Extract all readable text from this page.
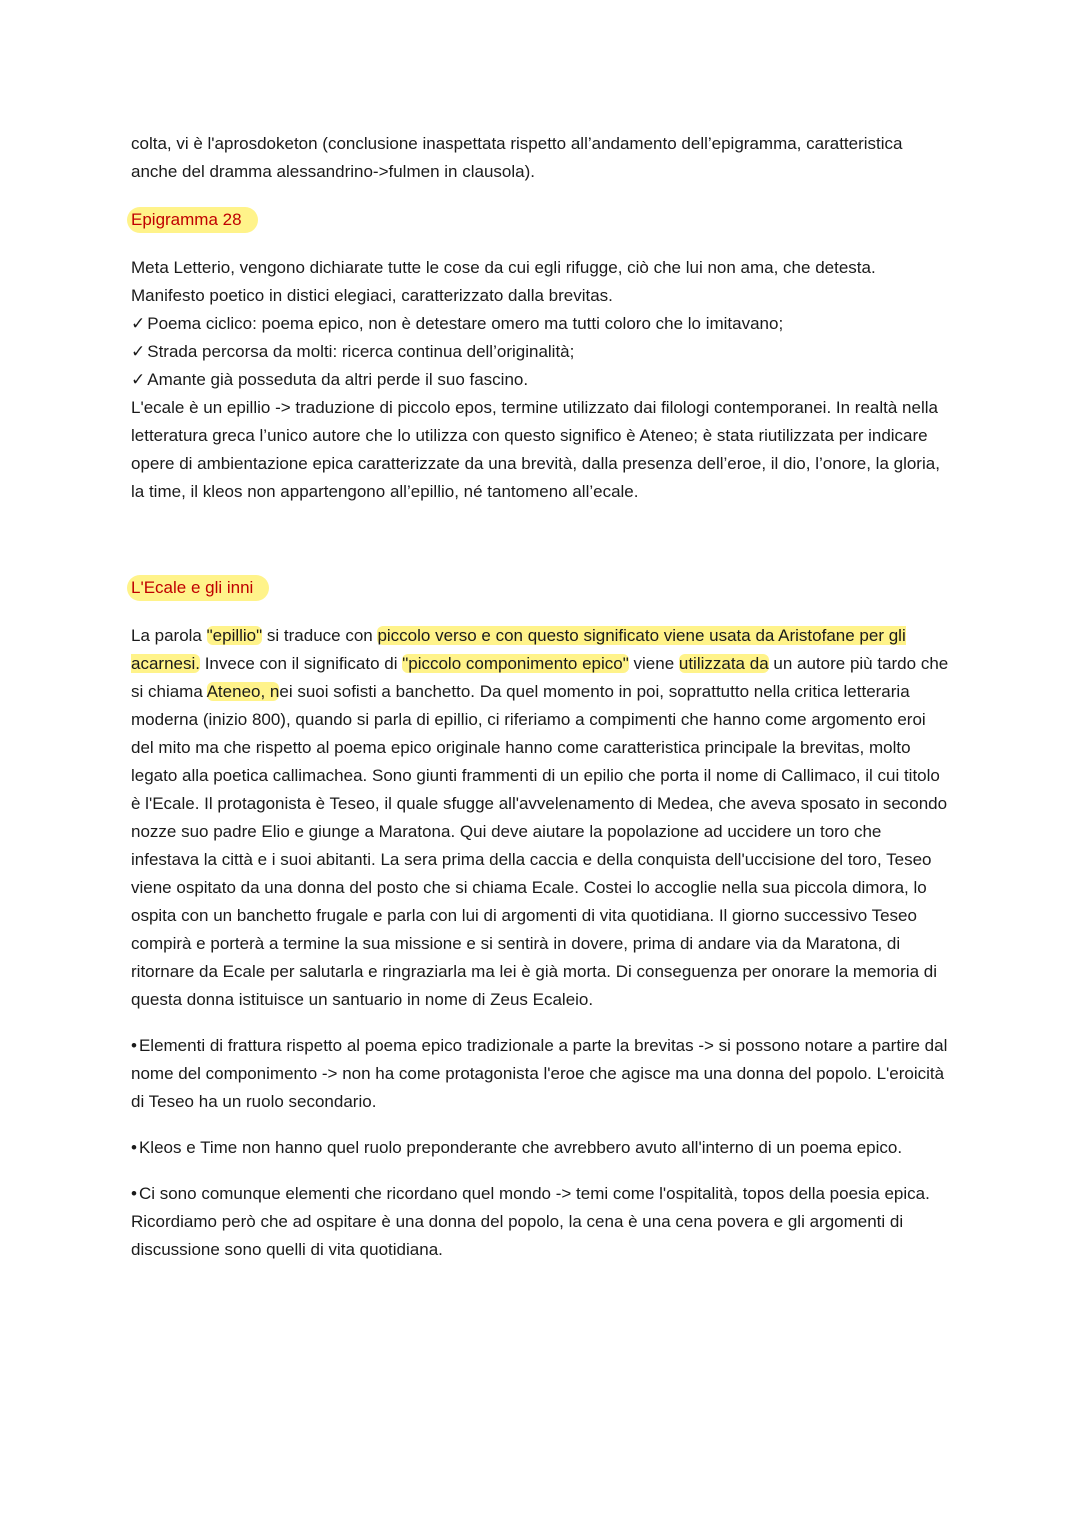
colta, vi è l'aprosdoketon (conclusione inaspettata rispetto all’andamento dell’epigramma, caratteristica anche del dramma alessandrino->fulmen in clausola).

Epigramma 28

Meta Letterio, vengono dichiarate tutte le cose da cui egli rifugge, ciò che lui non ama, che detesta. Manifesto poetico in distici elegiaci, caratterizzato dalla brevitas.

✓ Poema ciclico: poema epico, non è detestare omero ma tutti coloro che lo imitavano;

✓ Strada percorsa da molti: ricerca continua dell’originalità;

✓ Amante già posseduta da altri perde il suo fascino.

L'ecale è un epillio -> traduzione di piccolo epos, termine utilizzato dai filologi contemporanei. In realtà nella letteratura greca l’unico autore che lo utilizza con questo significo è Ateneo; è stata riutilizzata per indicare opere di ambientazione epica caratterizzate da una brevità, dalla presenza dell’eroe, il dio, l’onore, la gloria, la time, il kleos non appartengono all’epillio, né tantomeno all’ecale.

L'Ecale e gli inni

La parola "epillio" si traduce con piccolo verso e con questo significato viene usata da Aristofane per gli acarnesi. Invece con il significato di "piccolo componimento epico" viene utilizzata da un autore più tardo che si chiama Ateneo, nei suoi sofisti a banchetto. Da quel momento in poi, soprattutto nella critica letteraria moderna (inizio 800), quando si parla di epillio, ci riferiamo a compimenti che hanno come argomento eroi del mito ma che rispetto al poema epico originale hanno come caratteristica principale la brevitas, molto legato alla poetica callimachea. Sono giunti frammenti di un epilio che porta il nome di Callimaco, il cui titolo è l'Ecale. Il protagonista è Teseo, il quale sfugge all'avvelenamento di Medea, che aveva sposato in secondo nozze suo padre Elio e giunge a Maratona. Qui deve aiutare la popolazione ad uccidere un toro che infestava la città e i suoi abitanti. La sera prima della caccia e della conquista dell'uccisione del toro, Teseo viene ospitato da una donna del posto che si chiama Ecale. Costei lo accoglie nella sua piccola dimora, lo ospita con un banchetto frugale e parla con lui di argomenti di vita quotidiana. Il giorno successivo Teseo compirà e porterà a termine la sua missione e si sentirà in dovere, prima di andare via da Maratona, di ritornare da Ecale per salutarla e ringraziarla ma lei è già morta. Di conseguenza per onorare la memoria di questa donna istituisce un santuario in nome di Zeus Ecaleio.

• Elementi di frattura rispetto al poema epico tradizionale a parte la brevitas -> si possono notare a partire dal nome del componimento -> non ha come protagonista l'eroe che agisce ma una donna del popolo. L'eroicità di Teseo ha un ruolo secondario.

• Kleos e Time non hanno quel ruolo preponderante che avrebbero avuto all'interno di un poema epico.

• Ci sono comunque elementi che ricordano quel mondo -> temi come l'ospitalità, topos della poesia epica. Ricordiamo però che ad ospitare è una donna del popolo, la cena è una cena povera e gli argomenti di discussione sono quelli di vita quotidiana.
